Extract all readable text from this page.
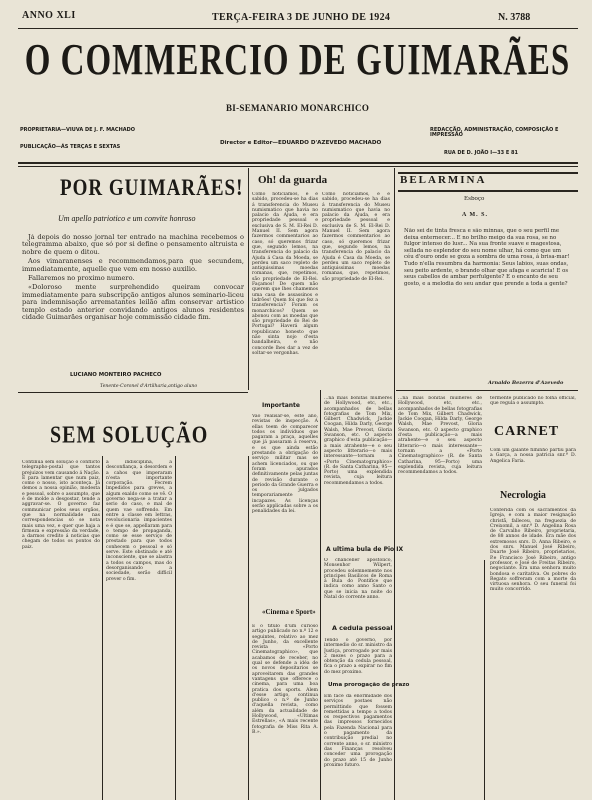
ANNO XLI	TERÇA-FEIRA 3 DE JUNHO DE 1924	N. 3788
O COMMERCIO DE GUIMARÃES
BI-SEMANARIO MONARCHICO
PROPRIETARIA—VIUVA DE J. F. MACHADO
PUBLICAÇÃO—ÁS TERÇAS E SEXTAS
Director e Editor—EDUARDO D'AZEVEDO MACHADO
REDACÇÃO, ADMINISTRAÇÃO, COMPOSIÇÃO E IMPRESSÃO
RUA DE D. JOÃO I—33 E 81
POR GUIMARÃES!
Um apello patriotico e um convite honroso

Já depois do nosso jornal ter entrado na machina recebemos o telegramma abaixo, que só por si define o pensamento altruista e nobre de quem o ditou.

Aos vimaranenses e recommendamos,para que secundem, immediatamente, aquelle que vem em nosso auxilio.

Fallaremos no proximo numero.

«Doloroso mente surprehendido queiram convocar immediatamente para subscripção antigos alunos seminario-liceu para indemnisação arrematantes leilão afim conservar artistico templo estado anterior convidando antigos alunos residentes cidade Guimarães organisar hoje commissão cidade fim.

LUCIANO MONTEIRO PACHECO
Tenente-Coronel d'Artilharia,antigo aluno
SEM SOLUÇÃO
Continua sem solução o conflicto telegrapho-postal que tantos prejuizos vem causando á Nação. É para lamentar que num paiz, como o nosso, isto aconteça. Já demos a nossa opinião, modesta e pessoal, sobre o assumpto, que é de molde a desgostar, tende a aggravar-se. O governo faz communicar pelos seus orgãos, que na normalidade nas correspondencias só se nota mais uma vez, e quer que haja a firmeza e expressão da verdade, a darmos credito á noticias que chegam de todos os pontos do paiz.
a indisciplina, a desconfiança, a desordem e a cahos que imperaram n'esta importante corporação. Fecrem lmpedidos para greves, a algum exaldo como se vê. O governo nega-se a tratar a serio do caso, e mal de quem vae soffrendo. Em entre a classe em lettras, revolucionaria impacientes e é que se, appellaram para o tempo de propaganda, como se esse serviço de prestado para que todos conhecem o pessoal e só serve. Este obstinado e até inconsciente, que se alastra a todos os campos, mas do desorganisando a sociedade, serão difficil prever o fim.
Oh! da guarda
Como noticiamos, e é sabido, procedeu-se ha dias á transferencia do Museu numismatico que havia no palacio da Ajuda, e era propriedade pessoal e exclusiva de S. M. El-Rei D. Manuel II. Sem agora fazermos commentarios ao caso, só queremos frizar que, segundo lemos, na transferencia do palacio da Ajuda á Casa da Moeda, se perdeu um saco repleto de antiquissimas moedas romanas, que, repetimos, são propriedade de El-Rei. Façamos! De quem não querem que lhes chamemos uma casa de assassinos e ladrões! Quem foi que fez a transferencia? Foram os monarchicos? Quem se abonou com as moedas que são propriedade do Rei de Portugal? Haverá algum republicano honesto que não sinta nojo d'esta bandalheira, e não concorde lhes dar a vez de soltar-se vergonhas.
Como noticiamos, e é sabido, procedeu-se ha dias á transferencia do Museu numismatico que havia no palacio da Ajuda, e era propriedade pessoal e exclusiva de S. M. El-Rei D. Manuel II. Sem agora fazermos commentarios ao caso, só queremos frizar que, segundo lemos, na transferencia do palacio da Ajuda é Casa da Moeda, se perdeu um saco repleto de antiquissimas moedas romanas, que, repetimos, são propriedade de El-Rei.
Importante
Vão realisar-se, este ano, revistas de inspecção. A ellas teem de comparecer todos os individuos que pagaram a praça, aquelles que já passaram á reserva, e os que ainda estão prestando a obrigação do serviço militar mas se achem licenciados, ou que foram apurados definitivamente pelas juntas de revisão durante o periodo da Grande Guerra e os julgados temporariamente incapazes. As licenças serão applicadas sobre a os penalidades da lei.
«Cinema e Sport»
É o titulo d'um curioso artigo publicado no n.º 12 e seguintes, relativo ao mez de Junho, da excellente revista «Porto Cinematographico», que acabamos de receber, no qual se defende a idéa de os novos depositarios se aproveitarem das grandes vantagens que offerece o cinema, para uma boa pratica dos sports. Alem d'esse artigo, continua publico o n.º de Junho d'aquella revista, como além da actualidade de Hollywood, «Ultimas Estrellas», «A mais recente fotografia de Miss Rita A. B.».
...na mais bonitas mulheres de Hollywood, etc, etc., acompanhados de bellas fotografias de Tom Mix, Gilbert Chadwick, Jackie Coogan, Hilda Darly, George Walsh, Mae Prevost, Gloria Swanson, etc. O aspecto graphico d'esta publicação—a mais atrahente—e o seu aspecto litterario—o mais interessante—tornam a «Porto Cinematographico» (R. de Santa Catharina, 95—Porto) uma explendida revista, cuja leitura recommendamos a todos.
A ultima bula de Pio IX
O chanceller apostolico, Monsenhor Wilpert, procedeu solemnemente nos principes Basilicos de Roma á Bula do Pontifice que indica como anno Santo o que se inicia na noite do Natal do corrente anno.
A cedula pessoal
Tendo o governo, por intermedio do sr. ministro da Justiça, prorrogado por mais 2 mezes o prazo para a obtenção da cedula pessoal, fica o prazo a expirar no fim do mez proximo.
Uma prorogação de prazo
Em face da enormidade dos serviços postaes não permittindo que fossem remettidas a tempo a todos os respectivos pagamentos das impressos fornecidos pela Fazenda Nacional para o pagamento da contribuição predial no corrente anno, o sr. ministro das Finanças resolveu conceder uma prorogação do prazo até 15 de Junho proximo futuro.
BELARMINA
Esboço
A M. S.
Não sei de tinta fresca e são minnas, que o seu perfil me deixa enternecer... E no brilho meigo da sua rosa, se no fulgor intenso do lusr... Na sua fronte suave e magestosa, sellada no esplendor do seu nome ulhar, há como que um céu d'ouro onde se goza a sombra de uma rosa, á brisa-mar! Tudo n'ella resumbra da harmonia: Seus labios, suas ondas, seu peito ardente, o brando olhar que afaga e acaricia! E os seus cabellos de ambar perfulgente? E o encanto de seu gosto, e a melodia do seu andar que prende a toda a gente?
Arnaldo Bezerra d'Azevedo
termente publicado no folha official, que regula o assumpto.
CARNET
Com um galante filhinho partiu para a Garça, a nossa patricia snr.ª D. Angelica Faria.
Necrologia
Conferida com os sacramentos da Igreja, e com a maior resignação christã, falleceu, na freguezia de Creixomil, a snr.ª D. Angelina Rosa de Carvalho Ribeiro, proprietaria, de 88 annos de idade. Era mãe dos extremosos snrs. D. Anna Ribeiro, e dos snrs. Manuel José Ribeiro, Duarte José Ribeiro, proprietarios, P.e Francisco José Ribeiro, antigo professor, e José de Freitas Ribeiro, negociante. Era uma senhora muito bondosa e caritativa. Os pobres do Regato soffreram com a morte da virtuosa senhora. O seu funeral foi muito concorrido.
...na mais bonitas mulheres de Hollywood, etc, etc., acompanhados de bellas fotografias de Tom Mix, Gilbert Chadwick, Jackie Coogan, Hilda Darly, George Walsh, Mae Prevost, Gloria Swanson, etc. O aspecto graphico d'esta publicação—a mais atrahente—e o seu aspecto litterario—o mais interessante—tornam a «Porto Cinematographico» (R. de Santa Catharina, 95—Porto) uma explendida revista, cuja leitura recommendamos a todos.
